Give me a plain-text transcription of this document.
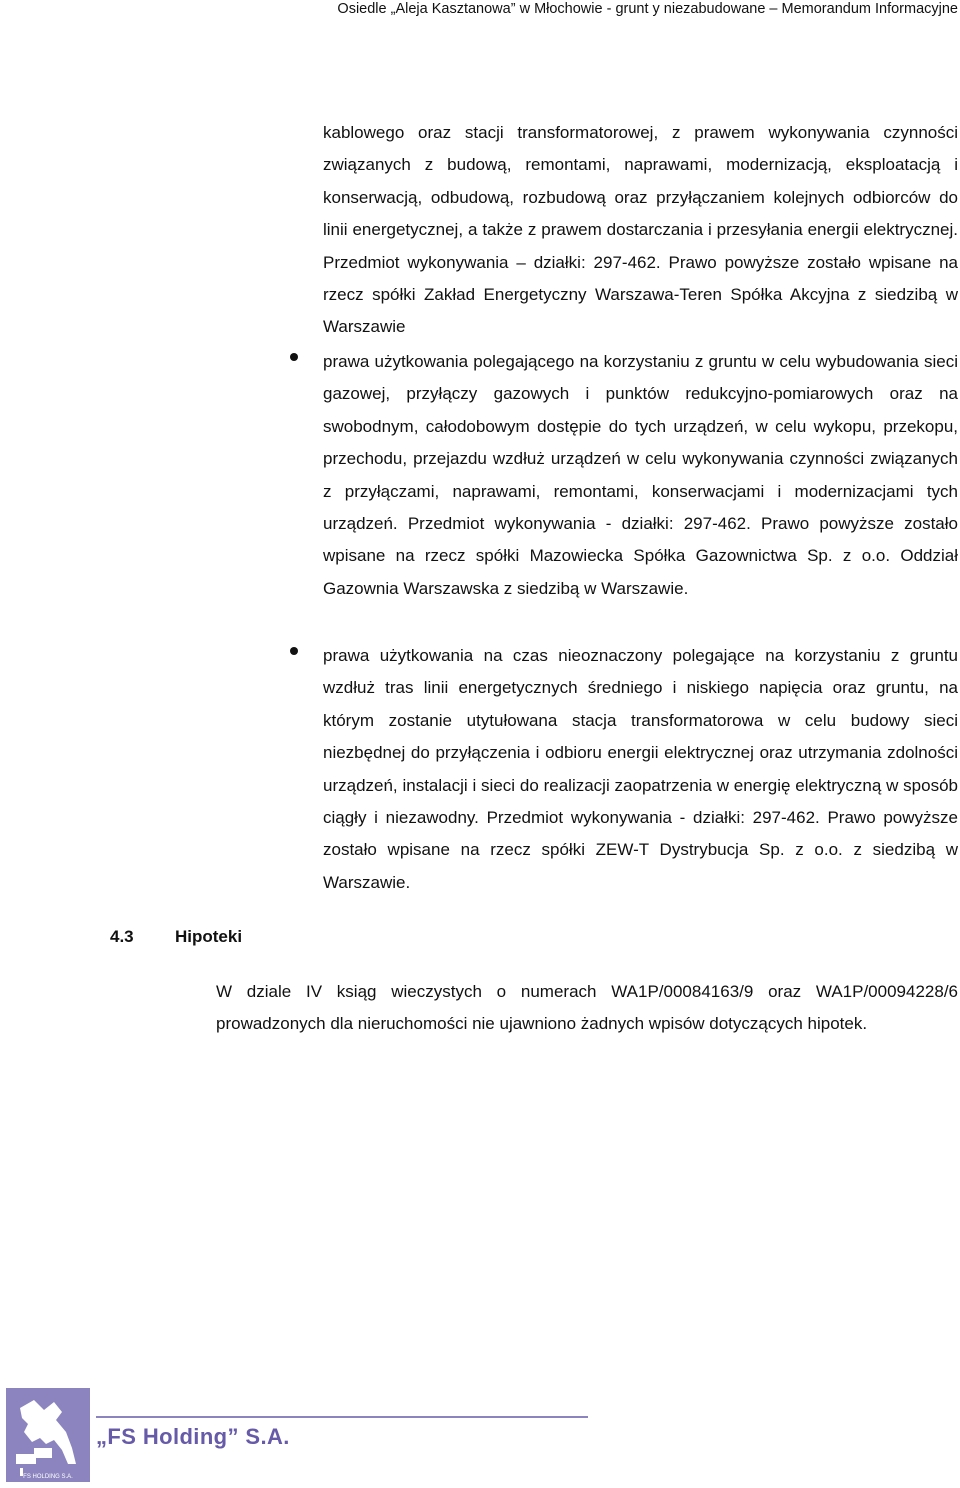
Osiedle „Aleja Kasztanowa” w Młochowie - grunt y niezabudowane – Memorandum Informacyjne

kablowego oraz stacji transformatorowej, z prawem wykonywania czynności związanych z budową, remontami, naprawami, modernizacją, eksploatacją i konserwacją, odbudową, rozbudową oraz przyłączaniem kolejnych odbiorców do linii energetycznej, a także z prawem dostarczania i przesyłania energii elektrycznej. Przedmiot wykonywania – działki: 297-462. Prawo powyższe zostało wpisane na rzecz spółki Zakład Energetyczny Warszawa-Teren Spółka Akcyjna z siedzibą w Warszawie

prawa użytkowania polegającego na korzystaniu z gruntu w celu wybudowania sieci gazowej, przyłączy gazowych i punktów redukcyjno-pomiarowych oraz na swobodnym, całodobowym dostępie do tych urządzeń, w celu wykopu, przekopu, przechodu, przejazdu wzdłuż urządzeń w celu wykonywania czynności związanych z przyłączami, naprawami, remontami, konserwacjami i modernizacjami tych urządzeń. Przedmiot wykonywania - działki: 297-462. Prawo powyższe zostało wpisane na rzecz spółki Mazowiecka Spółka Gazownictwa Sp. z o.o. Oddział Gazownia Warszawska z siedzibą w Warszawie.

prawa użytkowania na czas nieoznaczony polegające na korzystaniu z gruntu wzdłuż tras linii energetycznych średniego i niskiego napięcia oraz gruntu, na którym zostanie utytułowana stacja transformatorowa w celu budowy sieci niezbędnej do przyłączenia i odbioru energii elektrycznej oraz utrzymania zdolności urządzeń, instalacji i sieci do realizacji zaopatrzenia w energię elektryczną w sposób ciągły i niezawodny. Przedmiot wykonywania - działki: 297-462. Prawo powyższe zostało wpisane na rzecz spółki ZEW-T Dystrybucja Sp. z o.o. z siedzibą w Warszawie.

4.3 Hipoteki

W dziale IV ksiąg wieczystych o numerach WA1P/00084163/9 oraz WA1P/00094228/6 prowadzonych dla nieruchomości nie ujawniono żadnych wpisów dotyczących hipotek.

FS HOLDING S.A.
„FS Holding” S.A.
